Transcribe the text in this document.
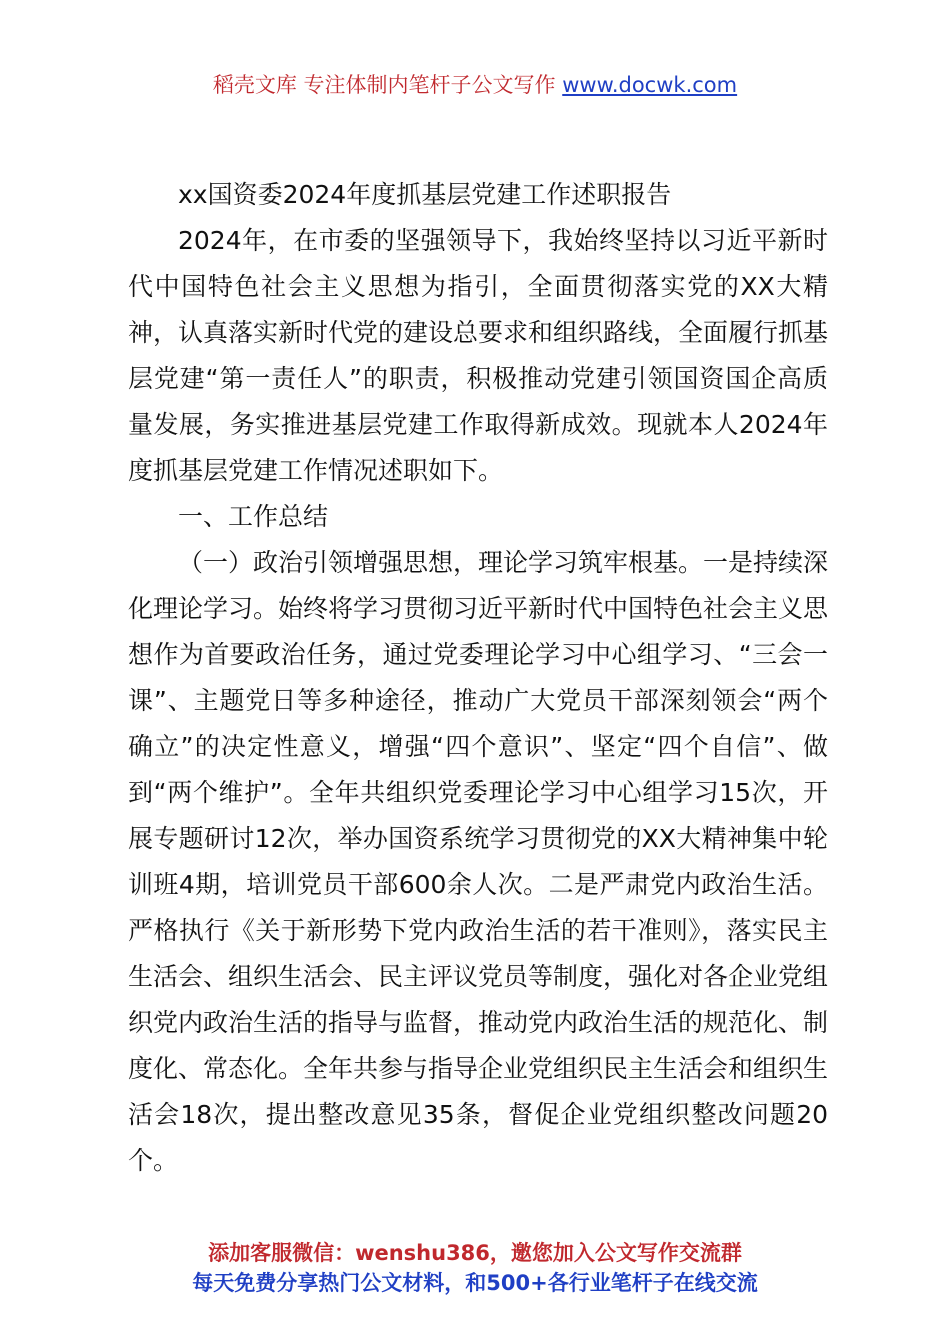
稻壳文库 专注体制内笔杆子公文写作 www.docwk.com

xx国资委2024年度抓基层党建工作述职报告

2024年，在市委的坚强领导下，我始终坚持以习近平新时代中国特色社会主义思想为指引，全面贯彻落实党的XX大精神，认真落实新时代党的建设总要求和组织路线，全面履行抓基层党建“第一责任人”的职责，积极推动党建引领国资国企高质量发展，务实推进基层党建工作取得新成效。现就本人2024年度抓基层党建工作情况述职如下。

一、工作总结

（一）政治引领增强思想，理论学习筑牢根基。一是持续深化理论学习。始终将学习贯彻习近平新时代中国特色社会主义思想作为首要政治任务，通过党委理论学习中心组学习、“三会一课”、主题党日等多种途径，推动广大党员干部深刻领会“两个确立”的决定性意义，增强“四个意识”、坚定“四个自信”、做到“两个维护”。全年共组织党委理论学习中心组学习15次，开展专题研讨12次，举办国资系统学习贯彻党的XX大精神集中轮训班4期，培训党员干部600余人次。二是严肃党内政治生活。严格执行《关于新形势下党内政治生活的若干准则》，落实民主生活会、组织生活会、民主评议党员等制度，强化对各企业党组织党内政治生活的指导与监督，推动党内政治生活的规范化、制度化、常态化。全年共参与指导企业党组织民主生活会和组织生活会18次，提出整改意见35条，督促企业党组织整改问题20个。

添加客服微信：wenshu386，邀您加入公文写作交流群
每天免费分享热门公文材料，和500+各行业笔杆子在线交流
